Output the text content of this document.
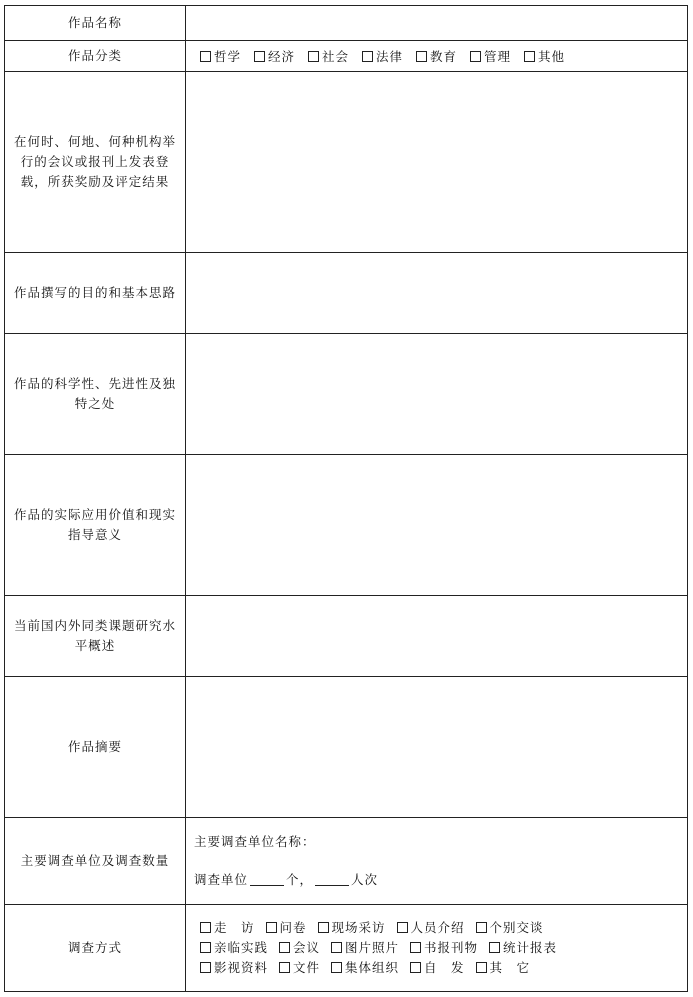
作品名称	
作品分类	哲学 经济 社会 法律 教育 管理 其他
在何时、何地、何种机构举行的会议或报刊上发表登载，所获奖励及评定结果	
作品撰写的目的和基本思路	
作品的科学性、先进性及独特之处	
作品的实际应用价值和现实指导意义	
当前国内外同类课题研究水平概述	
作品摘要	
主要调查单位及调查数量	主要调查单位名称：
调查单位 个， 人次

调查方式	走　访 问卷 现场采访 人员介绍 个别交谈
亲临实践 会议 图片照片 书报刊物 统计报表
影视资料 文件 集体组织 自　发 其　它
